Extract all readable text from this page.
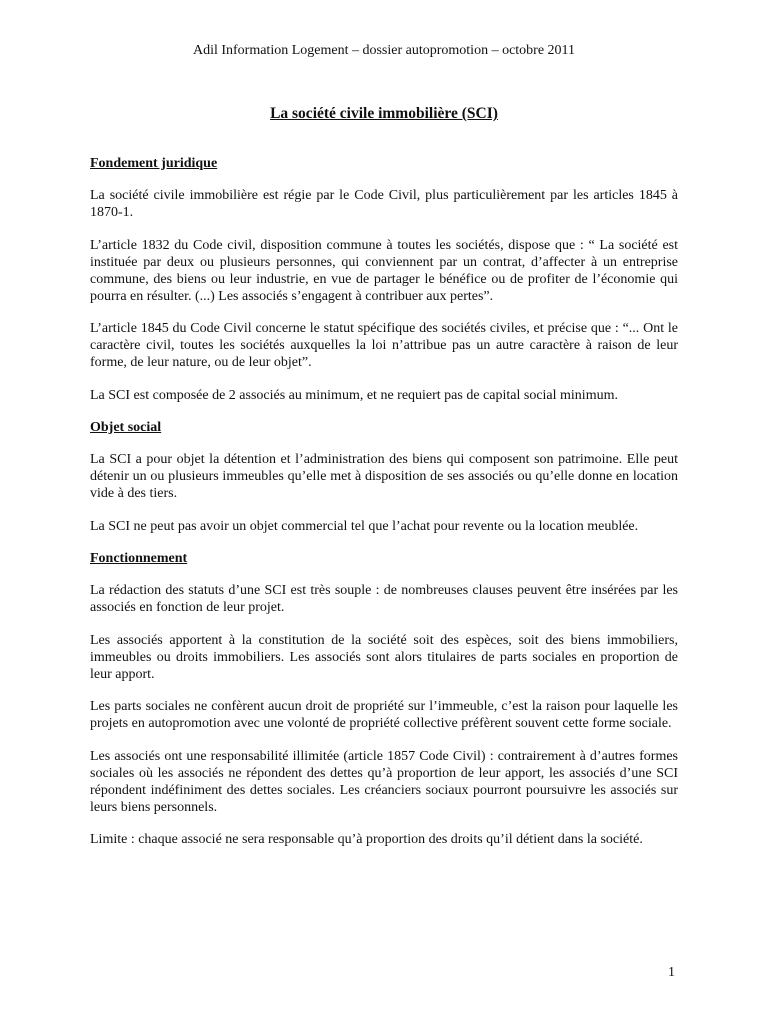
Adil Information Logement – dossier autopromotion – octobre 2011
La société civile immobilière (SCI)
Fondement juridique

La société civile immobilière est régie par le Code Civil, plus particulièrement par les articles 1845 à 1870-1.

L’article 1832 du Code civil, disposition commune à toutes les sociétés, dispose que : “ La société est instituée par deux ou plusieurs personnes, qui conviennent par un contrat, d’affecter à un entreprise commune, des biens ou leur industrie, en vue de partager le bénéfice ou de profiter de l’économie qui pourra en résulter. (...) Les associés s’engagent à contribuer aux pertes”.

L’article 1845 du Code Civil concerne le statut spécifique des sociétés civiles, et précise que : “... Ont le caractère civil, toutes les sociétés auxquelles la loi n’attribue pas un autre caractère à raison de leur forme, de leur nature, ou de leur objet”.

La SCI est composée de 2 associés au minimum, et ne requiert pas de capital social minimum.

Objet social

La SCI a pour objet la détention et l’administration des biens qui composent son patrimoine. Elle peut détenir un ou plusieurs immeubles qu’elle met à disposition de ses associés ou qu’elle donne en location vide à des tiers.

La SCI ne peut pas avoir un objet commercial tel que l’achat pour revente ou la location meublée.

Fonctionnement

La rédaction des statuts d’une SCI est très souple : de nombreuses clauses peuvent être insérées par les associés en fonction de leur projet.

Les associés apportent à la constitution de la société soit des espèces, soit des biens immobiliers, immeubles ou droits immobiliers. Les associés sont alors titulaires de parts sociales en proportion de leur apport.

Les parts sociales ne confèrent aucun droit de propriété sur l’immeuble, c’est la raison pour laquelle les projets en autopromotion avec une volonté de propriété collective préfèrent souvent cette forme sociale.

Les associés ont une responsabilité illimitée (article 1857 Code Civil) : contrairement à d’autres formes sociales où les associés ne répondent des dettes qu’à proportion de leur apport, les associés d’une SCI répondent indéfiniment des dettes sociales. Les créanciers sociaux pourront poursuivre les associés sur leurs biens personnels.

Limite : chaque associé ne sera responsable qu’à proportion des droits qu’il détient dans la société.

1
